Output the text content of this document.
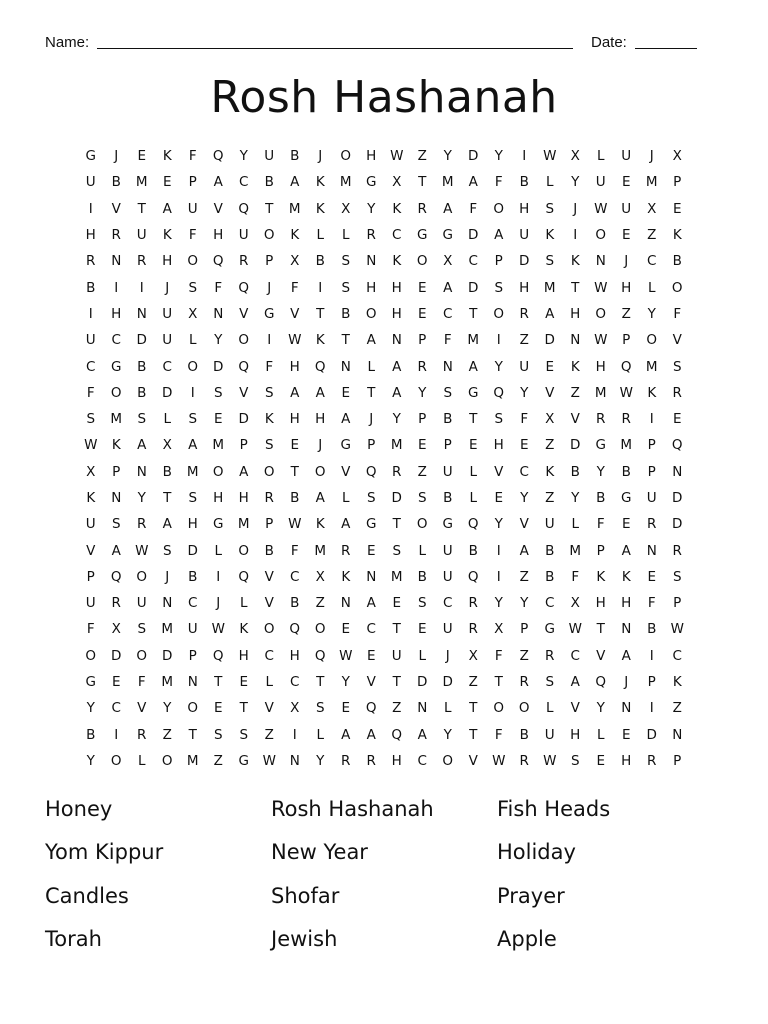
Name:	Date:
Rosh Hashanah
G	J	E	K	F	Q	Y	U	B	J	O	H	W	Z	Y	D	Y	I	W	X	L	U	J	X
U	B	M	E	P	A	C	B	A	K	M	G	X	T	M	A	F	B	L	Y	U	E	M	P
I	V	T	A	U	V	Q	T	M	K	X	Y	K	R	A	F	O	H	S	J	W	U	X	E
H	R	U	K	F	H	U	O	K	L	L	R	C	G	G	D	A	U	K	I	O	E	Z	K
R	N	R	H	O	Q	R	P	X	B	S	N	K	O	X	C	P	D	S	K	N	J	C	B
B	I	I	J	S	F	Q	J	F	I	S	H	H	E	A	D	S	H	M	T	W	H	L	O
I	H	N	U	X	N	V	G	V	T	B	O	H	E	C	T	O	R	A	H	O	Z	Y	F
U	C	D	U	L	Y	O	I	W	K	T	A	N	P	F	M	I	Z	D	N	W	P	O	V
C	G	B	C	O	D	Q	F	H	Q	N	L	A	R	N	A	Y	U	E	K	H	Q	M	S
F	O	B	D	I	S	V	S	A	A	E	T	A	Y	S	G	Q	Y	V	Z	M W	K	R
S	M	S	L	S	E	D	K	H	H	A	J	Y	P	B	T	S	F	X	V	R	R	I	E
W	K	A	X	A	M	P	S	E	J	G	P	M	E	P	E	H	E	Z	D	G	M	P	Q
X	P	N	B	M	O	A	O	T	O	V	Q	R	Z	U	L	V	C	K	B	Y	B	P	N
K	N	Y	T	S	H	H	R	B	A	L	S	D	S	B	L	E	Y	Z	Y	B	G	U	D
U	S	R	A	H	G	M	P	W	K	A	G	T	O	G	Q	Y	V	U	L	F	E	R	D
V	A	W	S	D	L	O	B	F	M	R	E	S	L	U	B	I	A	B	M	P	A	N	R
P	Q	O	J	B	I	Q	V	C	X	K	N	M	B	U	Q	I	Z	B	F	K	K	E	S
U	R	U	N	C	J	L	V	B	Z	N	A	E	S	C	R	Y	Y	C	X	H	H	F	P
F	X	S	M	U	W	K	O	Q	O	E	C	T	E	U	R	X	P	G	W	T	N	B	W
O	D	O	D	P	Q	H	C	H	Q	W	E	U	L	J	X	F	Z	R	C	V	A	I	C
G	E	F	M	N	T	E	L	C	T	Y	V	T	D	D	Z	T	R	S	A	Q	J	P	K
Y	C	V	Y	O	E	T	V	X	S	E	Q	Z	N	L	T	O	O	L	V	Y	N	I	Z
B	I	R	Z	T	S	S	Z	I	L	A	A	Q	A	Y	T	F	B	U	H	L	E	D	N
Y	O	L	O	M	Z	G	W	N	Y	R	R	H	C	O	V	W	R	W	S	E	H	R	P
Honey	Rosh Hashanah	Fish Heads
Yom Kippur	New Year	Holiday
Candles	Shofar	Prayer
Torah	Jewish	Apple
